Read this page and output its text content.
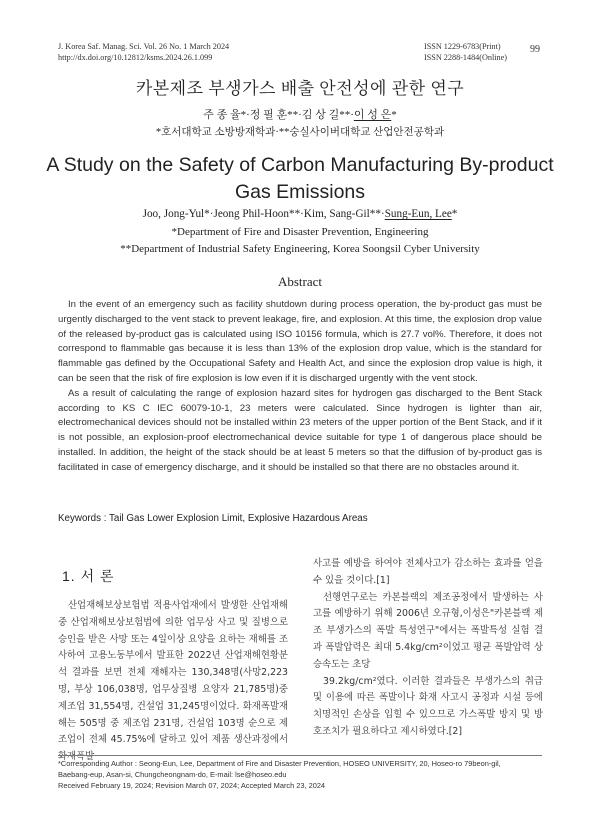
J. Korea Saf. Manag. Sci. Vol. 26 No. 1 March 2024
http://dx.doi.org/10.12812/ksms.2024.26.1.099
ISSN 1229-6783(Print)
ISSN 2288-1484(Online)
99
카본제조 부생가스 배출 안전성에 관한 연구
주 종 율*·정 필 훈**·김 상 길**·이 성 은*
*호서대학교 소방방재학과·**숭실사이버대학교 산업안전공학과
A Study on the Safety of Carbon Manufacturing By-product Gas Emissions
Joo, Jong-Yul*·Jeong Phil-Hoon**·Kim, Sang-Gil**·Sung-Eun, Lee*
*Department of Fire and Disaster Prevention, Engineering
**Department of Industrial Safety Engineering, Korea Soongsil Cyber University
Abstract

In the event of an emergency such as facility shutdown during process operation, the by-product gas must be urgently discharged to the vent stack to prevent leakage, fire, and explosion. At this time, the explosion drop value of the released by-product gas is calculated using ISO 10156 formula, which is 27.7 vol%. Therefore, it does not correspond to flammable gas because it is less than 13% of the explosion drop value, which is the standard for flammable gas defined by the Occupational Safety and Health Act, and since the explosion drop value is high, it can be seen that the risk of fire explosion is low even if it is discharged urgently with the vent stock.

As a result of calculating the range of explosion hazard sites for hydrogen gas discharged to the Bent Stack according to KS C IEC 60079-10-1, 23 meters were calculated. Since hydrogen is lighter than air, electromechanical devices should not be installed within 23 meters of the upper portion of the Bent Stack, and if it is not possible, an explosion-proof electromechanical device suitable for type 1 of dangerous place should be installed. In addition, the height of the stack should be at least 5 meters so that the diffusion of by-product gas is facilitated in case of emergency discharge, and it should be installed so that there are no obstacles around it.

Keywords : Tail Gas Lower Explosion Limit, Explosive Hazardous Areas
1. 서 론

산업재해보상보험법 적용사업재에서 발생한 산업재해 중 산업재해보상보험법에 의한 업무상 사고 및 질병으로 승인을 받은 사망 또는 4일이상 요양을 요하는 재해를 조사하여 고용노동부에서 발표한 2022년 산업재해현황분석 결과를 보면 전체 재해자는 130,348명(사망2,223명, 부상 106,038명, 업무상질병 요양자 21,785명)중 제조업 31,554명, 건설업 31,245명이었다. 화재폭발재해는 505명 중 제조업 231명, 건설업 103명 순으로 제조업이 전체 45.75%에 달하고 있어 제품 생산과정에서 화재폭발

사고를 예방을 하여야 전체사고가 감소하는 효과를 얻을 수 있을 것이다.[1]

선행연구로는 카본블랙의 제조공정에서 발생하는 사고를 예방하기 위해 2006년 오규형,이성은"카본블랙 제조 부생가스의 폭발 특성연구"에서는 폭발특성 실험 결과 폭발압력은 최대 5.4kg/cm²이었고 평균 폭발압력 상승속도는 초당

39.2kg/cm²였다. 이러한 결과들은 부생가스의 취급 및 이용에 따른 폭발이나 화재 사고시 공정과 시설 등에 치명적인 손상을 입힐 수 있으므로 가스폭발 방지 및 방호조치가 필요하다고 제시하였다.[2]

*Corresponding Author : Seong-Eun, Lee, Department of Fire and Disaster Prevention, HOSEO UNIVERSITY, 20, Hoseo-ro 79beon-gil,
Baebang-eup, Asan-si, Chungcheongnam-do, E-mail: lse@hoseo.edu
Received February 19, 2024; Revision March 07, 2024; Accepted March 23, 2024
